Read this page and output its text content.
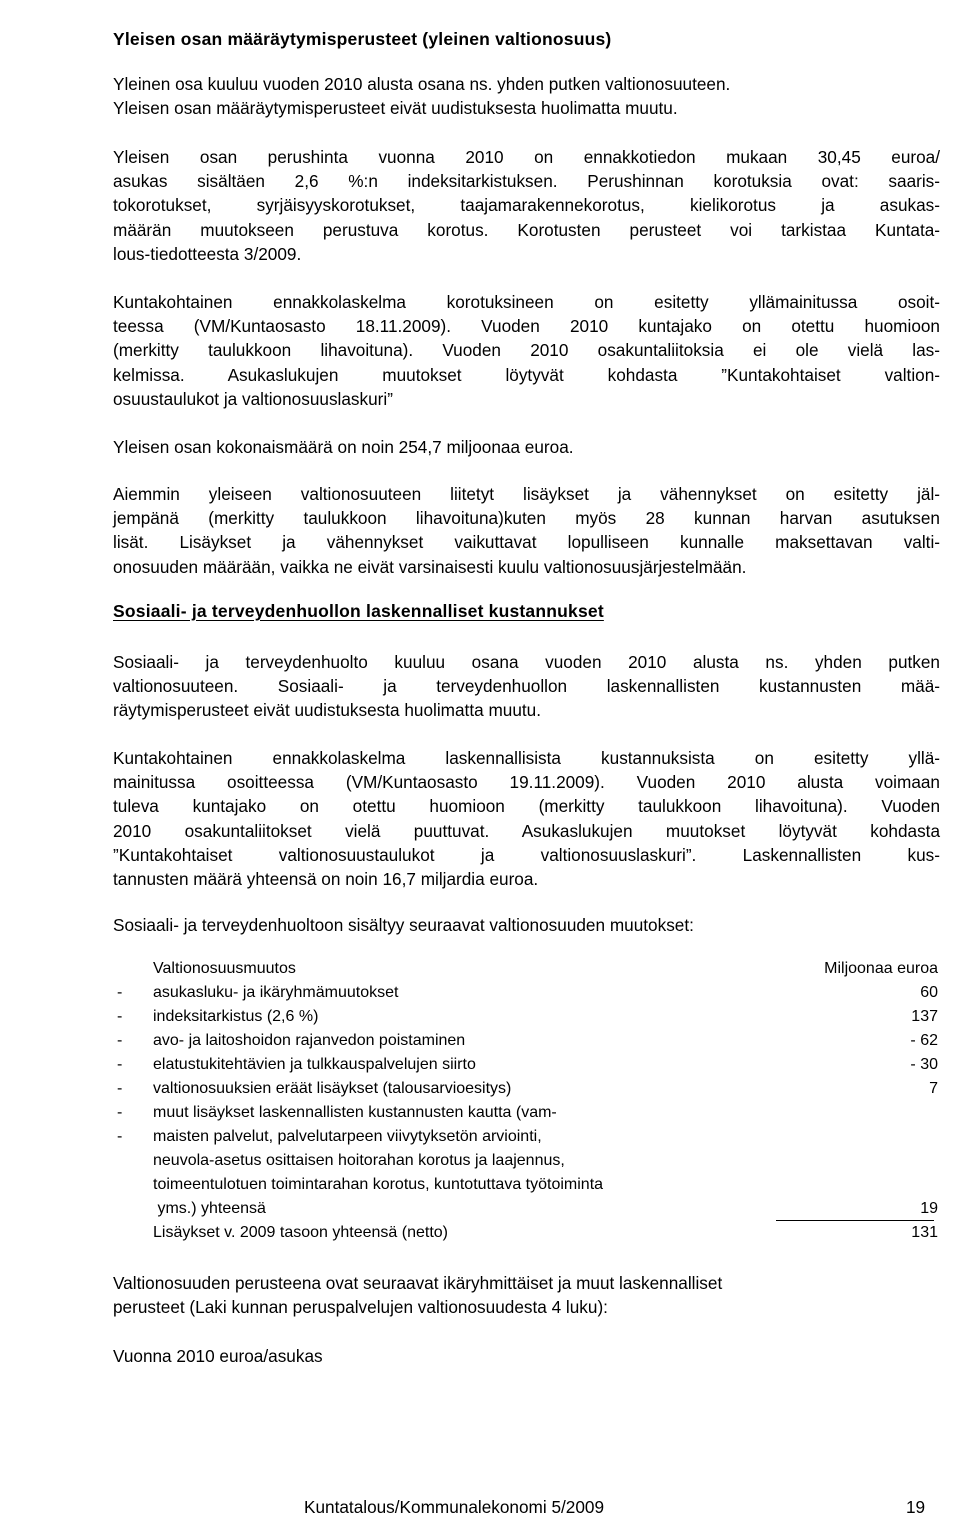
Yleisen osan määräytymisperusteet (yleinen valtionosuus)
Yleinen osa kuuluu vuoden 2010 alusta osana ns. yhden putken valtionosuuteen.
Yleisen osan määräytymisperusteet eivät uudistuksesta huolimatta muutu.
Yleisen osan perushinta vuonna 2010 on ennakkotiedon mukaan 30,45 euroa/
asukas sisältäen 2,6 %:n indeksitarkistuksen. Perushinnan korotuksia ovat: saaris-
tokorotukset, syrjäisyyskorotukset, taajamarakennekorotus, kielikorotus ja asukas-
määrän muutokseen perustuva korotus. Korotusten perusteet voi tarkistaa Kuntata-
lous-tiedotteesta 3/2009.
Kuntakohtainen ennakkolaskelma korotuksineen on esitetty yllämainitussa osoit-
teessa (VM/Kuntaosasto 18.11.2009). Vuoden 2010 kuntajako on otettu huomioon
(merkitty taulukkoon lihavoituna). Vuoden 2010 osakuntaliitoksia ei ole vielä las-
kelmissa. Asukaslukujen muutokset löytyvät kohdasta ”Kuntakohtaiset valtion-
osuustaulukot ja valtionosuuslaskuri”
Yleisen osan kokonaismäärä on noin 254,7 miljoonaa euroa.
Aiemmin yleiseen valtionosuuteen liitetyt lisäykset ja vähennykset on esitetty jäl-
jempänä (merkitty taulukkoon lihavoituna)kuten myös 28 kunnan harvan asutuksen
lisät. Lisäykset ja vähennykset vaikuttavat lopulliseen kunnalle maksettavan valti-
onosuuden määrään, vaikka ne eivät varsinaisesti kuulu valtionosuusjärjestelmään.
Sosiaali- ja terveydenhuollon laskennalliset kustannukset
Sosiaali- ja terveydenhuolto kuuluu osana vuoden 2010 alusta ns. yhden putken
valtionosuuteen. Sosiaali- ja terveydenhuollon laskennallisten kustannusten mää-
räytymisperusteet eivät uudistuksesta huolimatta muutu.
Kuntakohtainen ennakkolaskelma laskennallisista kustannuksista on esitetty yllä-
mainitussa osoitteessa (VM/Kuntaosasto 19.11.2009). Vuoden 2010 alusta voimaan
tuleva kuntajako on otettu huomioon (merkitty taulukkoon lihavoituna). Vuoden
2010 osakuntaliitokset vielä puuttuvat. Asukaslukujen muutokset löytyvät kohdasta
”Kuntakohtaiset valtionosuustaulukot ja valtionosuuslaskuri”. Laskennallisten kus-
tannusten määrä yhteensä on noin 16,7 miljardia euroa.
Sosiaali- ja terveydenhuoltoon sisältyy seuraavat valtionosuuden muutokset:
Valtionosuusmuutos	Miljoonaa euroa
- asukasluku- ja ikäryhmämuutokset	60
- indeksitarkistus (2,6 %)	137
- avo- ja laitoshoidon rajanvedon poistaminen	- 62
- elatustukitehtävien ja tulkkauspalvelujen siirto	- 30
- valtionosuuksien eräät lisäykset (talousarvioesitys)	7
- muut lisäykset laskennallisten kustannusten kautta (vam-
- maisten palvelut, palvelutarpeen viivytyksetön arviointi,
neuvola-asetus osittaisen hoitorahan korotus ja laajennus,
toimeentulotuen toimintarahan korotus, kuntotuttava työtoiminta
yms.) yhteensä	19
Lisäykset v. 2009 tasoon yhteensä (netto)	131
Valtionosuuden perusteena ovat seuraavat ikäryhmittäiset ja muut laskennalliset
perusteet (Laki kunnan peruspalvelujen valtionosuudesta 4 luku):
Vuonna 2010 euroa/asukas
Kuntatalous/Kommunalekonomi 5/2009	19
